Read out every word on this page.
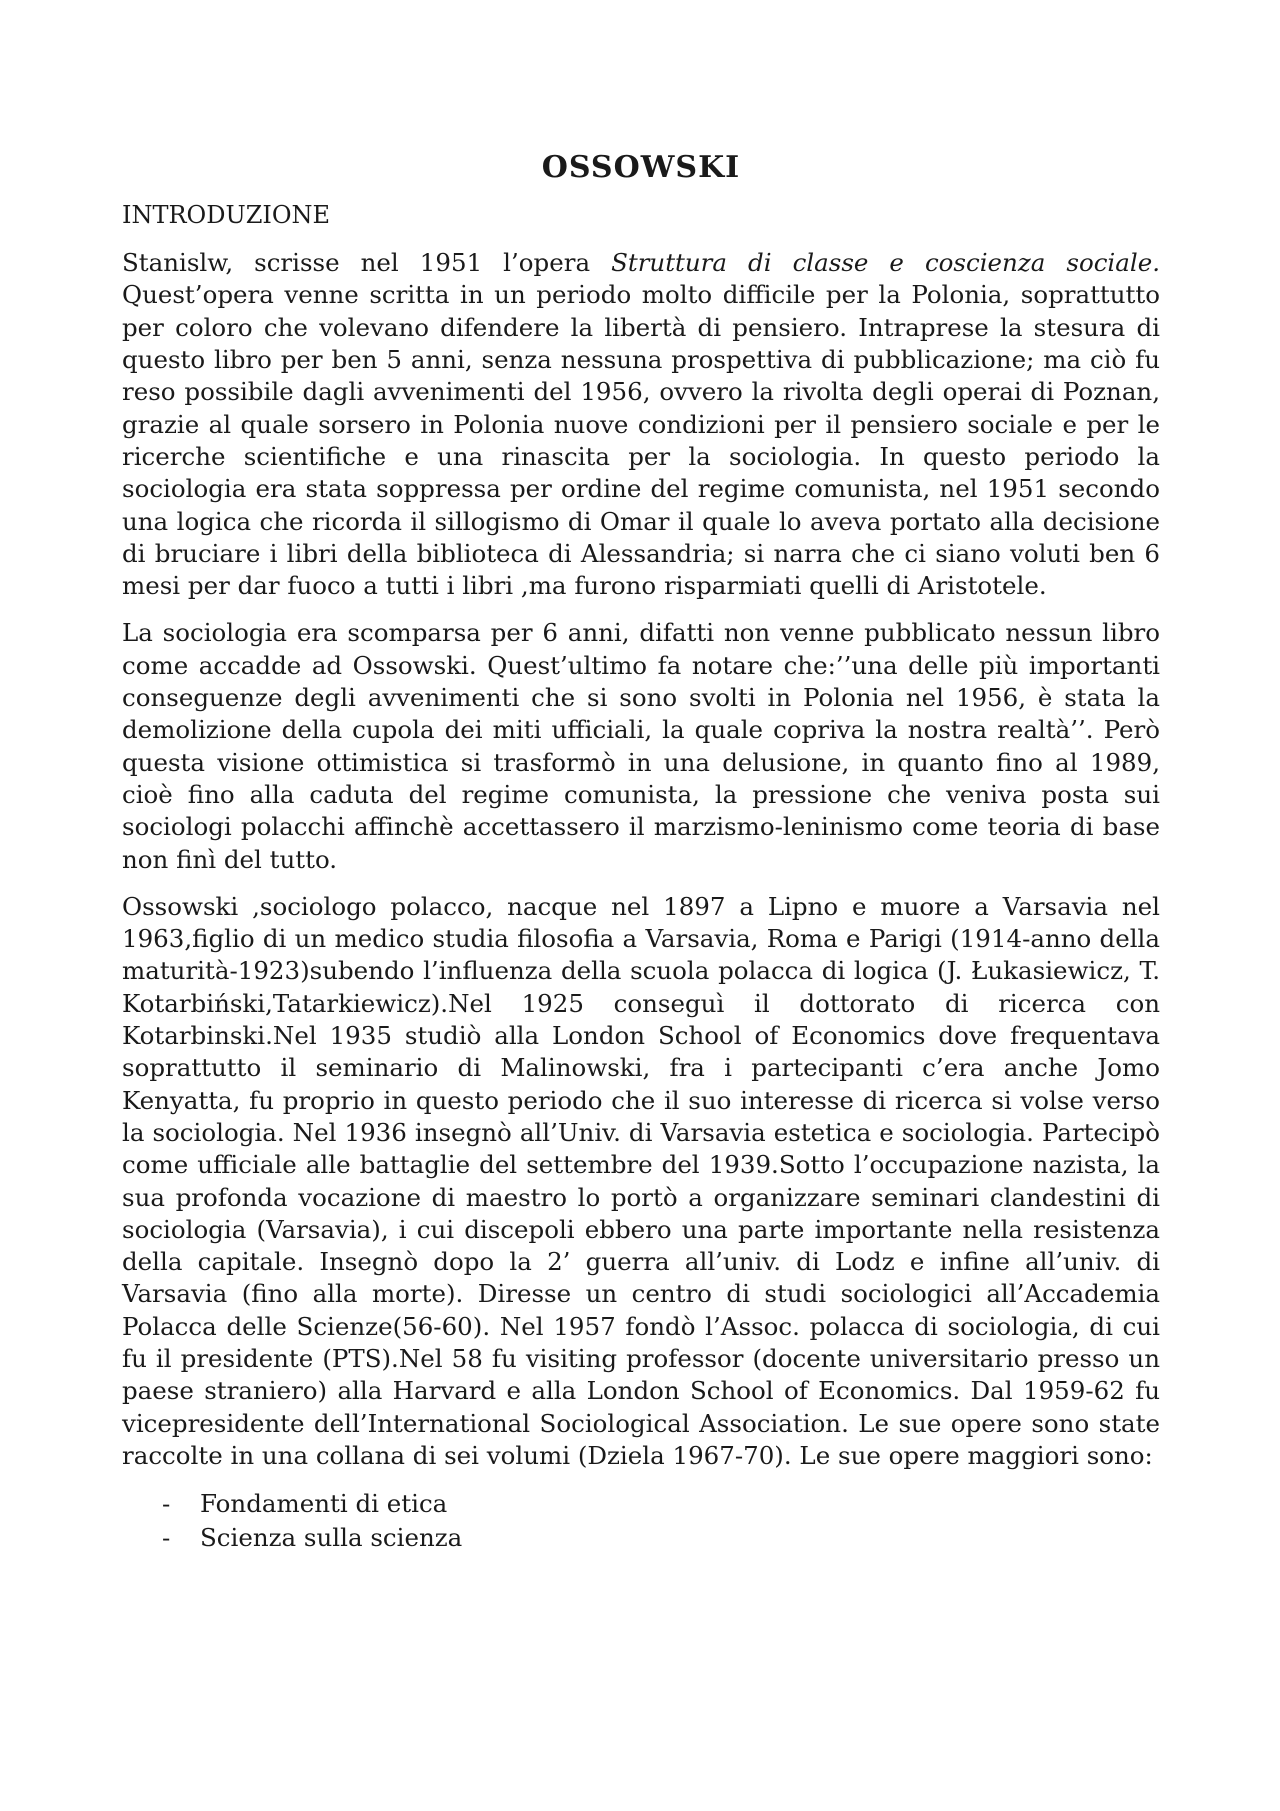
OSSOWSKI
INTRODUZIONE

Stanislw, scrisse nel 1951 l’opera Struttura di classe e coscienza sociale. Quest’opera venne scritta in un periodo molto difficile per la Polonia, soprattutto per coloro che volevano difendere la libertà di pensiero. Intraprese la stesura di questo libro per ben 5 anni, senza nessuna prospettiva di pubblicazione; ma ciò fu reso possibile dagli avvenimenti del 1956, ovvero la rivolta degli operai di Poznan, grazie al quale sorsero in Polonia nuove condizioni per il pensiero sociale e per le ricerche scientifiche e una rinascita per la sociologia. In questo periodo la sociologia era stata soppressa per ordine del regime comunista, nel 1951 secondo una logica che ricorda il sillogismo di Omar il quale lo aveva portato alla decisione di bruciare i libri della biblioteca di Alessandria; si narra che ci siano voluti ben 6 mesi per dar fuoco a tutti i libri ,ma furono risparmiati quelli di Aristotele.

La sociologia era scomparsa per 6 anni, difatti non venne pubblicato nessun libro come accadde ad Ossowski. Quest’ultimo fa notare che:’’una delle più importanti conseguenze degli avvenimenti che si sono svolti in Polonia nel 1956, è stata la demolizione della cupola dei miti ufficiali, la quale copriva la nostra realtà’’. Però questa visione ottimistica si trasformò in una delusione, in quanto fino al 1989, cioè fino alla caduta del regime comunista, la pressione che veniva posta sui sociologi polacchi affinchè accettassero il marzismo-leninismo come teoria di base non finì del tutto.

Ossowski ,sociologo polacco, nacque nel 1897 a Lipno e muore a Varsavia nel 1963,figlio di un medico studia filosofia a Varsavia, Roma e Parigi (1914-anno della maturità-1923)subendo l’influenza della scuola polacca di logica (J. Łukasiewicz, T. Kotarbiński,Tatarkiewicz).Nel 1925 conseguì il dottorato di ricerca con Kotarbinski.Nel 1935 studiò alla London School of Economics dove frequentava soprattutto il seminario di Malinowski, fra i partecipanti c’era anche Jomo Kenyatta, fu proprio in questo periodo che il suo interesse di ricerca si volse verso la sociologia. Nel 1936 insegnò all’Univ. di Varsavia estetica e sociologia. Partecipò come ufficiale alle battaglie del settembre del 1939.Sotto l’occupazione nazista, la sua profonda vocazione di maestro lo portò a organizzare seminari clandestini di sociologia (Varsavia), i cui discepoli ebbero una parte importante nella resistenza della capitale. Insegnò dopo la 2’ guerra all’univ. di Lodz e infine all’univ. di Varsavia (fino alla morte). Diresse un centro di studi sociologici all’Accademia Polacca delle Scienze(56-60). Nel 1957 fondò l’Assoc. polacca di sociologia, di cui fu il presidente (PTS).Nel 58 fu visiting professor (docente universitario presso un paese straniero) alla Harvard e alla London School of Economics. Dal 1959-62 fu vicepresidente dell’International Sociological Association. Le sue opere sono state raccolte in una collana di sei volumi (Dziela 1967-70). Le sue opere maggiori sono:

- Fondamenti di etica
- Scienza sulla scienza
